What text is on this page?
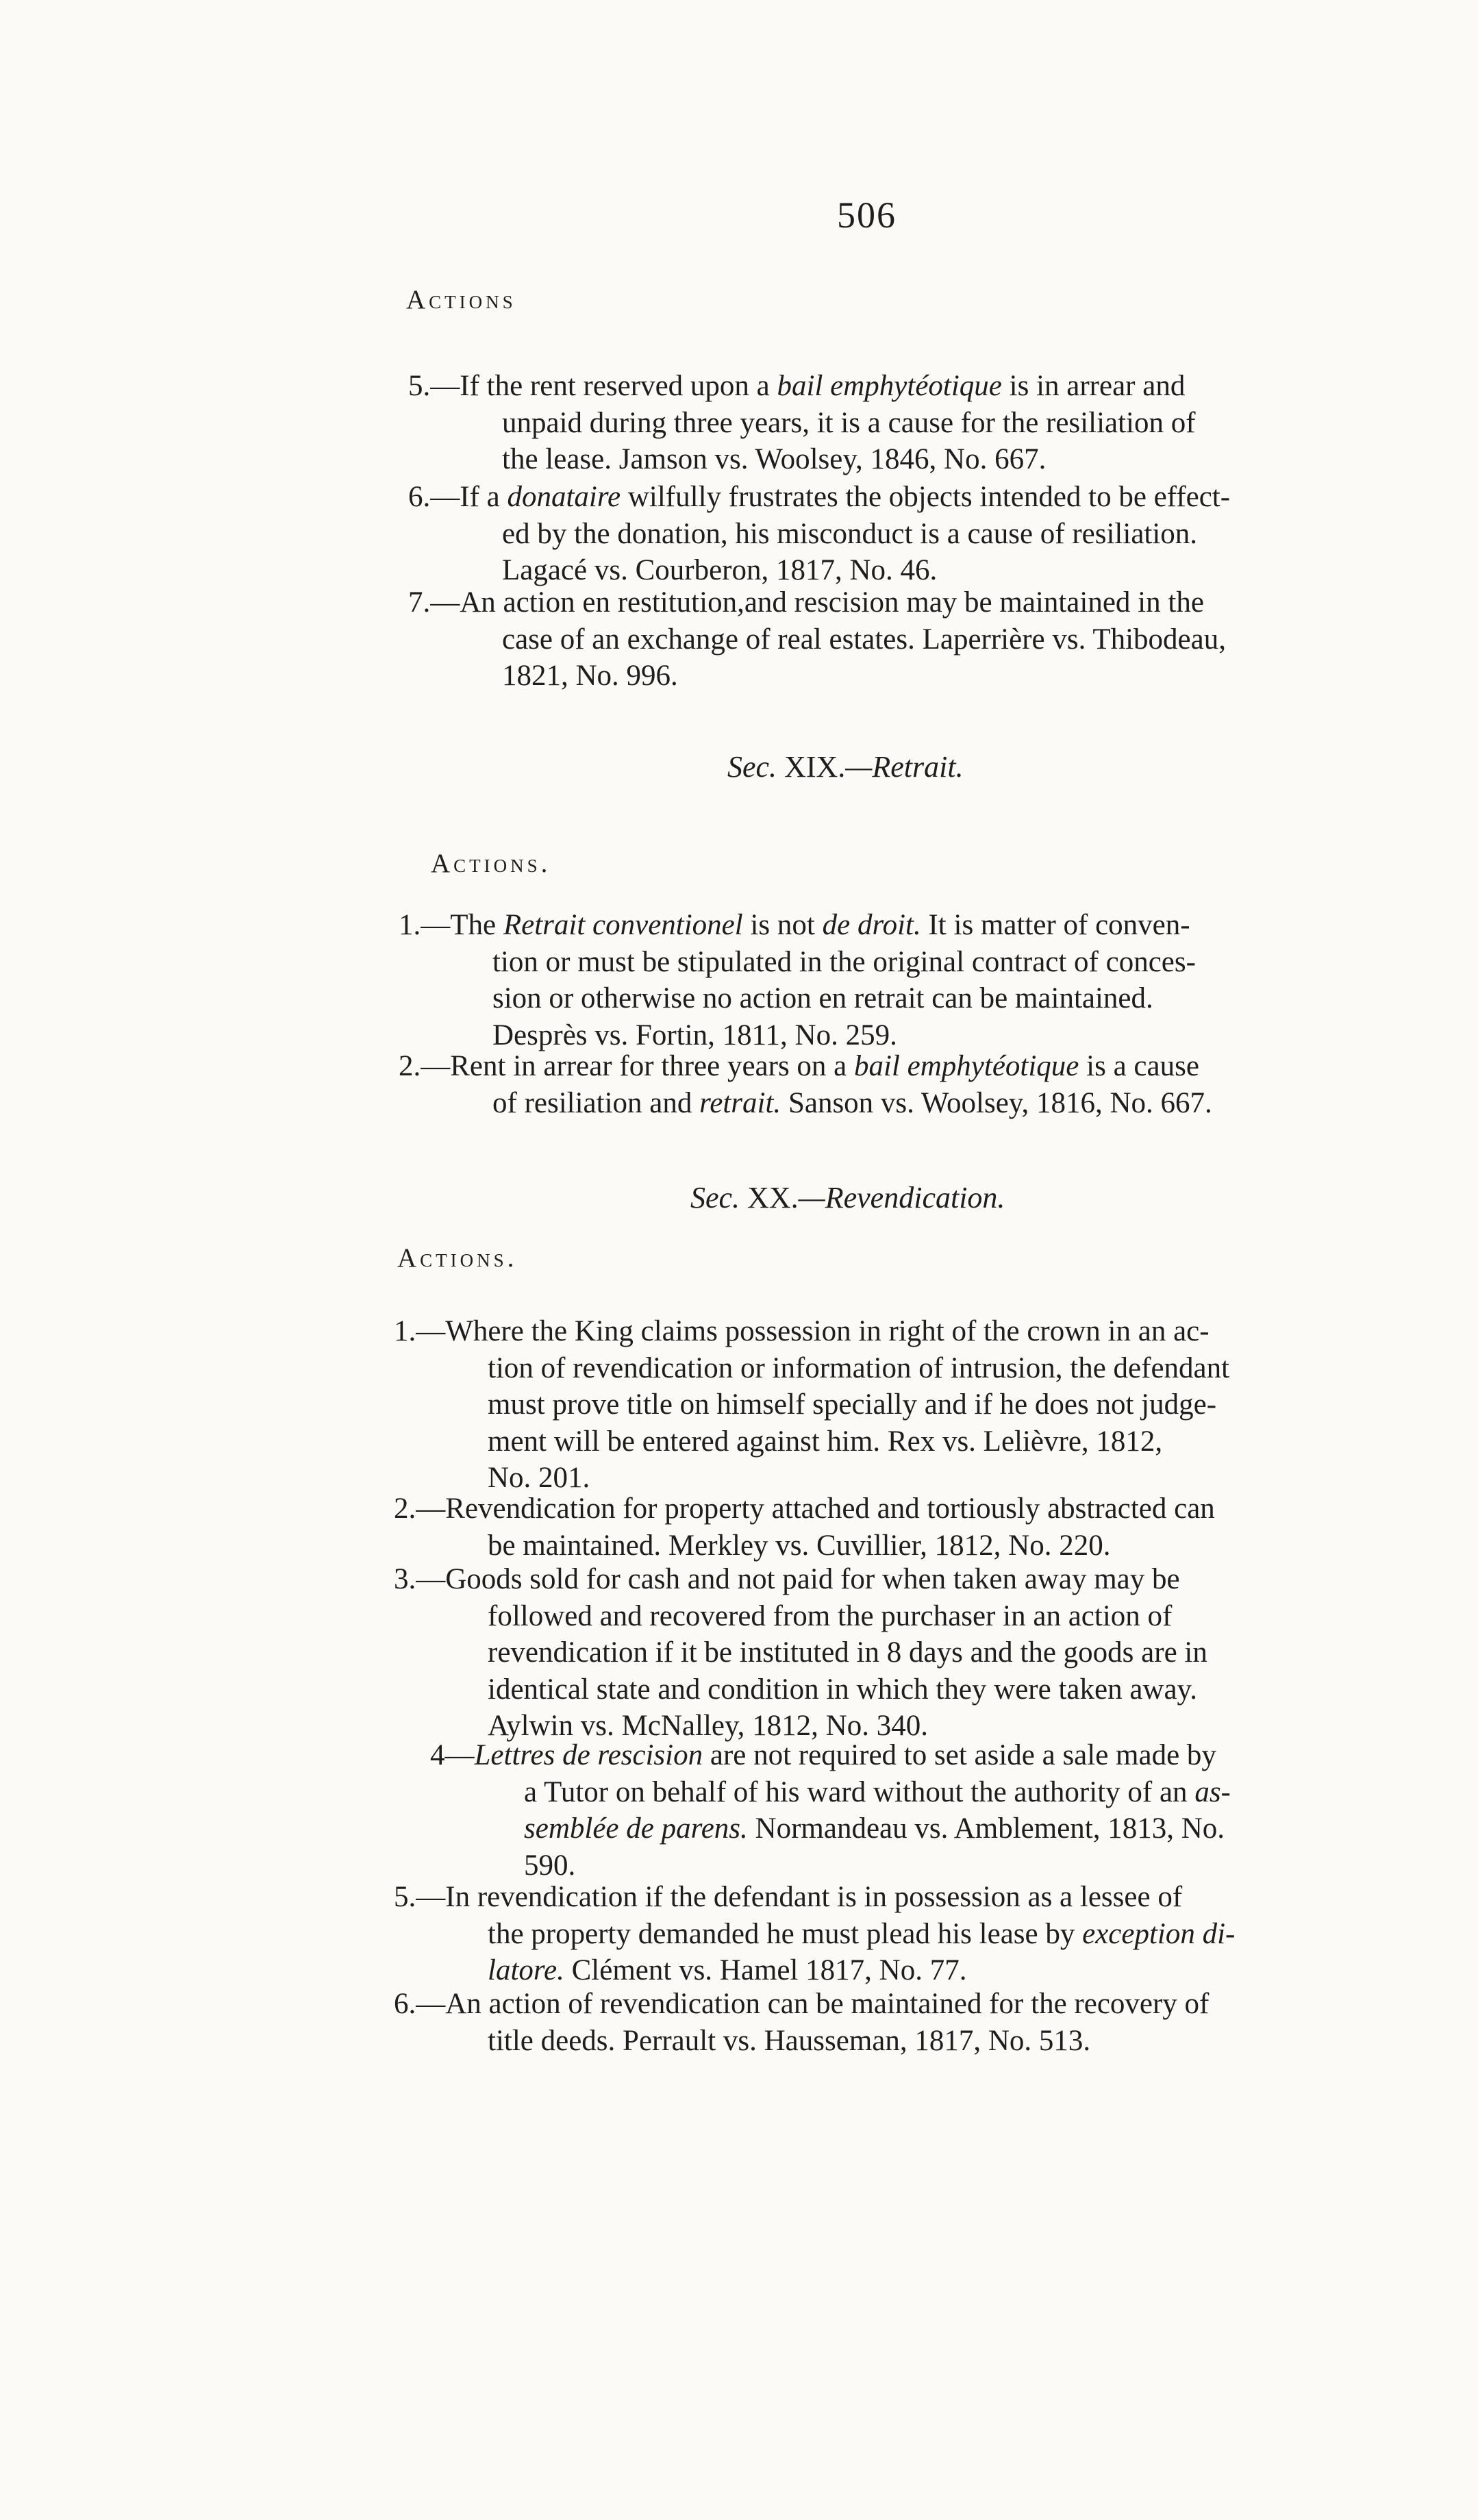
506
Actions
5.—If the rent reserved upon a bail emphytéotique is in arrear and
unpaid during three years, it is a cause for the resiliation of
the lease. Jamson vs. Woolsey, 1846, No. 667.
6.—If a donataire wilfully frustrates the objects intended to be effect-
ed by the donation, his misconduct is a cause of resiliation.
Lagacé vs. Courberon, 1817, No. 46.
7.—An action en restitution,and rescision may be maintained in the
case of an exchange of real estates. Laperrière vs. Thibodeau,
1821, No. 996.
Sec. XIX.—Retrait.
Actions.
1.—The Retrait conventionel is not de droit. It is matter of conven-
tion or must be stipulated in the original contract of conces-
sion or otherwise no action en retrait can be maintained.
Desprès vs. Fortin, 1811, No. 259.
2.—Rent in arrear for three years on a bail emphytéotique is a cause
of resiliation and retrait. Sanson vs. Woolsey, 1816, No. 667.
Sec. XX.—Revendication.
Actions.
1.—Where the King claims possession in right of the crown in an ac-
tion of revendication or information of intrusion, the defendant
must prove title on himself specially and if he does not judge-
ment will be entered against him. Rex vs. Lelièvre, 1812,
No. 201.
2.—Revendication for property attached and tortiously abstracted can
be maintained. Merkley vs. Cuvillier, 1812, No. 220.
3.—Goods sold for cash and not paid for when taken away may be
followed and recovered from the purchaser in an action of
revendication if it be instituted in 8 days and the goods are in
identical state and condition in which they were taken away.
Aylwin vs. McNalley, 1812, No. 340.
4—Lettres de rescision are not required to set aside a sale made by
a Tutor on behalf of his ward without the authority of an as-
semblée de parens. Normandeau vs. Amblement, 1813, No.
590.
5.—In revendication if the defendant is in possession as a lessee of
the property demanded he must plead his lease by exception di-
latore. Clément vs. Hamel 1817, No. 77.
6.—An action of revendication can be maintained for the recovery of
title deeds. Perrault vs. Hausseman, 1817, No. 513.
